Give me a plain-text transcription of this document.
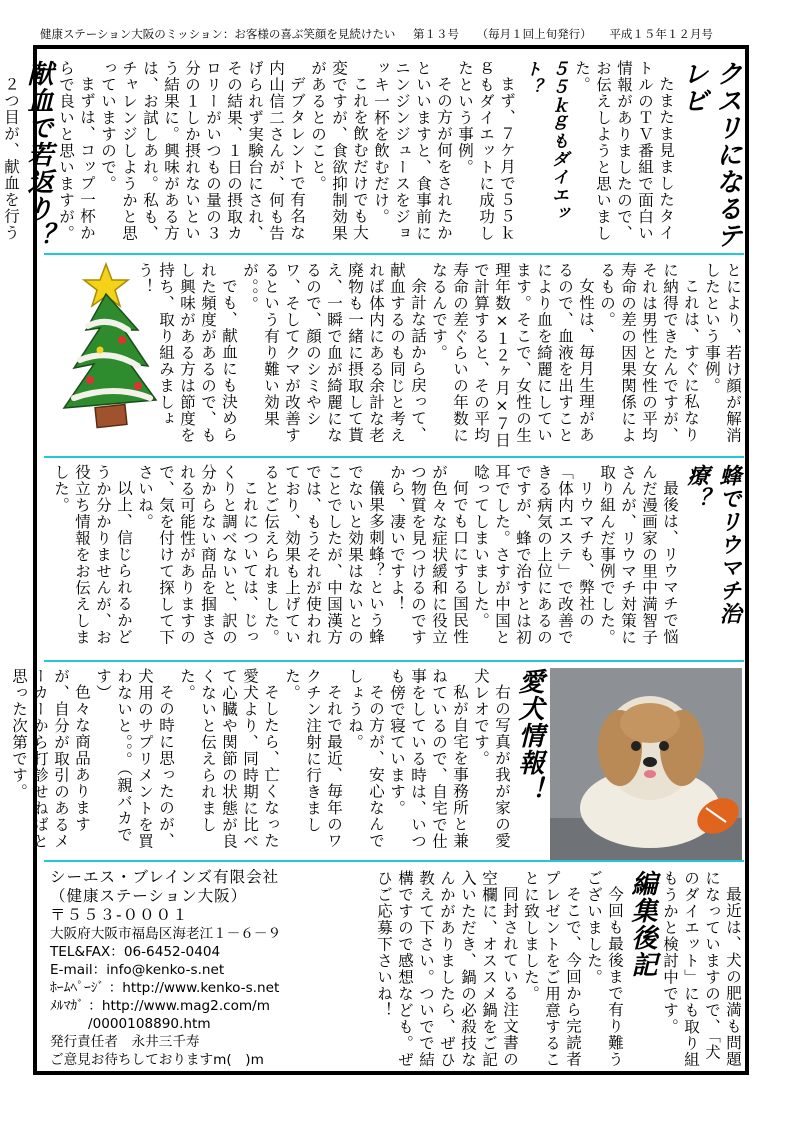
健康ステーション大阪のミッション：お客様の喜ぶ笑顔を見続けたい 第１３号 （毎月１回上旬発行） 平成１５年１２月号
クスリになるテレビ

たまたま見ましたタイトルのＴＶ番組で面白い情報がありましたので、お伝えしようと思いました。

５５ｋｇもダイエット？

まず、７ケ月で５５ｋｇもダイエットに成功したという事例。

その方が何をされたかといいますと、食事前にニンジンジュースをジョッキ一杯を飲むだけ。

これを飲むだけでも大変ですが、食欲抑制効果があるとのこと。

デブタレントで有名な内山信二さんが、何も告げられず実験台にされ、その結果、１日の摂取カロリーがいつもの量の３分の１しか摂れないという結果に。興味がある方は、お試しあれ。私も、チャレンジしようかと思っていますので。

まずは、コップ一杯からで良いと思いますが。

献血で若返り？

２つ目が、献血を行う

とにより、若け顔が解消したという事例。

これは、すぐに私なりに納得できたんですが、それは男性と女性の平均寿命の差の因果関係によるもの。

女性は、毎月生理があるので、血液を出すことにより血を綺麗にしています。そこで、女性の生理年数×１２ヶ月×７日で計算すると、その平均寿命の差ぐらいの年数になるんです。

余計な話から戻って、献血するのも同じと考えれば体内にある余計な老廃物も一緒に摂取して貰え、一瞬で血が綺麗になるので、顔のシミやシワ、そしてクマが改善するという有り難い効果が。。。

でも、献血にも決められた頻度があるので、もし興味がある方は節度を持ち、取り組みましょう！

蜂でリウマチ治療？

最後は、リウマチで悩んだ漫画家の里中満智子さんが、リウマチ対策に取り組んだ事例でした。

リウマチも、弊社の「体内エステ」で改善できる病気の上位にあるのですが、蜂で治すとは初耳でした。さすが中国と唸ってしまいました。

何でも口にする国民性が色々な症状緩和に役立つ物質を見つけるのですから、凄いですよ！

儀果多刺蜂？という蜂でないと効果はないとのことでしたが、中国漢方では、もうそれが使われており、効果も上げているとご伝えられました。

これについては、じっくりと調べないと、訳の分からない商品を掴まされる可能性がありますので、気を付けて探して下さいね。

以上、信じられるかどうか分かりませんが、お役立ち情報をお伝えしました。

愛犬情報！

右の写真が我が家の愛犬レオです。

私が自宅を事務所と兼ねているので、自宅で仕事をしている時は、いつも傍で寝ています。

その方が、安心なんでしょうね。

それで最近、毎年のワクチン注射に行きました。

そしたら、亡くなった愛犬より、同時期に比べて心臓や関節の状態が良くないと伝えられました。

その時に思ったのが、犬用のサプリメントを買わないと。。。（親バカです）

色々な商品ありますが、自分が取引のあるメーカーから打診せねばと思った次第です。

最近は、犬の肥満も問題になっていますので、「犬のダイエット」にも取り組もうかと検討中です。

編集後記

今回も最後まで有り難うございました。

そこで、今回から完読者プレゼントをご用意することに致しました。

同封されている注文書の空欄に、オススメ鍋をご記入いただき、鍋の必殺技なんかがありましたら、ぜひ教えて下さい。ついでで結構ですので感想なども。ぜひご応募下さいね！

シーエス・ブレインズ有限会社
（健康ステーション大阪）
〒５５３-０００１
大阪府大阪市福島区海老江１－６－９
TEL&FAX：06-6452-0404
E-mail：info@kenko-s.net
ﾎｰﾑﾍﾟｰｼﾞ ：http://www.kenko-s.net
ﾒﾙﾏｶﾞ ：http://www.mag2.com/m
/0000108890.htm
発行責任者　永井三千寿
ご意見お待ちしておりますm(　)m
